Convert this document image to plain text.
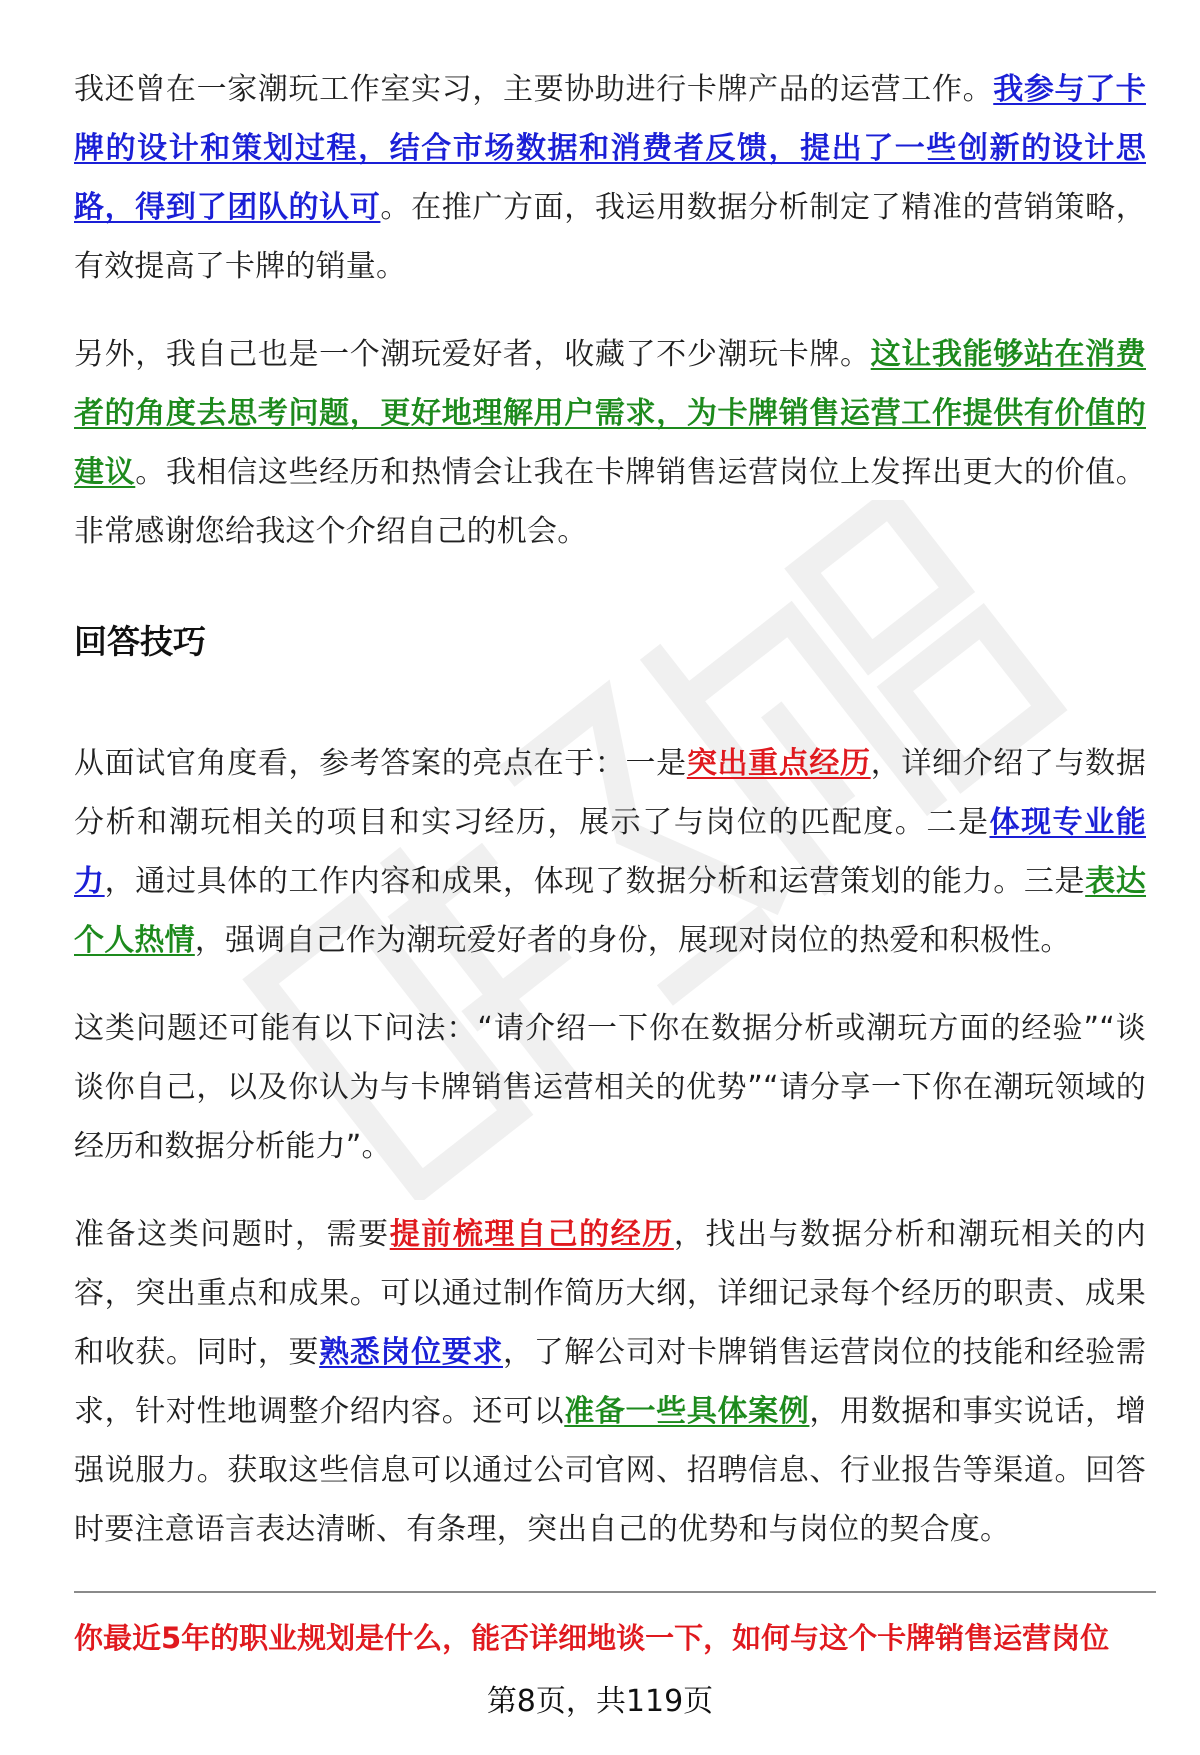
我还曾在一家潮玩工作室实习，主要协助进行卡牌产品的运营工作。我参与了卡牌的设计和策划过程，结合市场数据和消费者反馈，提出了一些创新的设计思路，得到了团队的认可。在推广方面，我运用数据分析制定了精准的营销策略，有效提高了卡牌的销量。

另外，我自己也是一个潮玩爱好者，收藏了不少潮玩卡牌。这让我能够站在消费者的角度去思考问题，更好地理解用户需求，为卡牌销售运营工作提供有价值的建议。我相信这些经历和热情会让我在卡牌销售运营岗位上发挥出更大的价值。非常感谢您给我这个介绍自己的机会。

回答技巧

从面试官角度看，参考答案的亮点在于：一是突出重点经历，详细介绍了与数据分析和潮玩相关的项目和实习经历，展示了与岗位的匹配度。二是体现专业能力，通过具体的工作内容和成果，体现了数据分析和运营策划的能力。三是表达个人热情，强调自己作为潮玩爱好者的身份，展现对岗位的热爱和积极性。

这类问题还可能有以下问法：“请介绍一下你在数据分析或潮玩方面的经验”“谈谈你自己，以及你认为与卡牌销售运营相关的优势”“请分享一下你在潮玩领域的经历和数据分析能力”。

准备这类问题时，需要提前梳理自己的经历，找出与数据分析和潮玩相关的内容，突出重点和成果。可以通过制作简历大纲，详细记录每个经历的职责、成果和收获。同时，要熟悉岗位要求，了解公司对卡牌销售运营岗位的技能和经验需求，针对性地调整介绍内容。还可以准备一些具体案例，用数据和事实说话，增强说服力。获取这些信息可以通过公司官网、招聘信息、行业报告等渠道。回答时要注意语言表达清晰、有条理，突出自己的优势和与岗位的契合度。

你最近5年的职业规划是什么，能否详细地谈一下，如何与这个卡牌销售运营岗位
第8页，共119页
